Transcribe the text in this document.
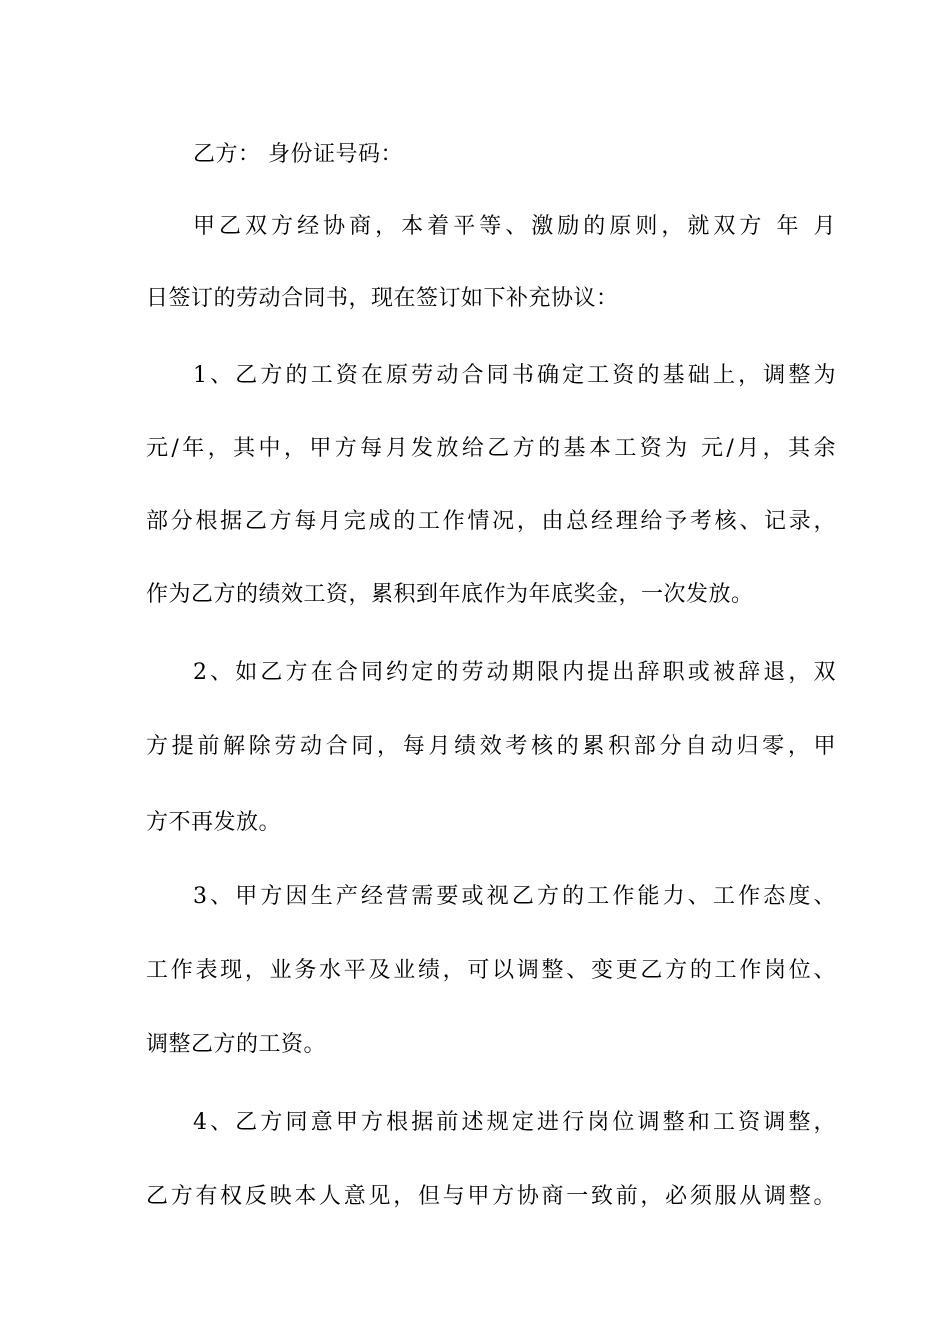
乙方： 身份证号码：
甲乙双方经协商，本着平等、激励的原则，就双方 年 月
日签订的劳动合同书，现在签订如下补充协议：
1、乙方的工资在原劳动合同书确定工资的基础上，调整为
元/年，其中，甲方每月发放给乙方的基本工资为 元/月，其余
部分根据乙方每月完成的工作情况，由总经理给予考核、记录，
作为乙方的绩效工资，累积到年底作为年底奖金，一次发放。
2、如乙方在合同约定的劳动期限内提出辞职或被辞退，双
方提前解除劳动合同，每月绩效考核的累积部分自动归零，甲
方不再发放。
3、甲方因生产经营需要或视乙方的工作能力、工作态度、
工作表现，业务水平及业绩，可以调整、变更乙方的工作岗位、
调整乙方的工资。
4、乙方同意甲方根据前述规定进行岗位调整和工资调整，
乙方有权反映本人意见，但与甲方协商一致前，必须服从调整。
